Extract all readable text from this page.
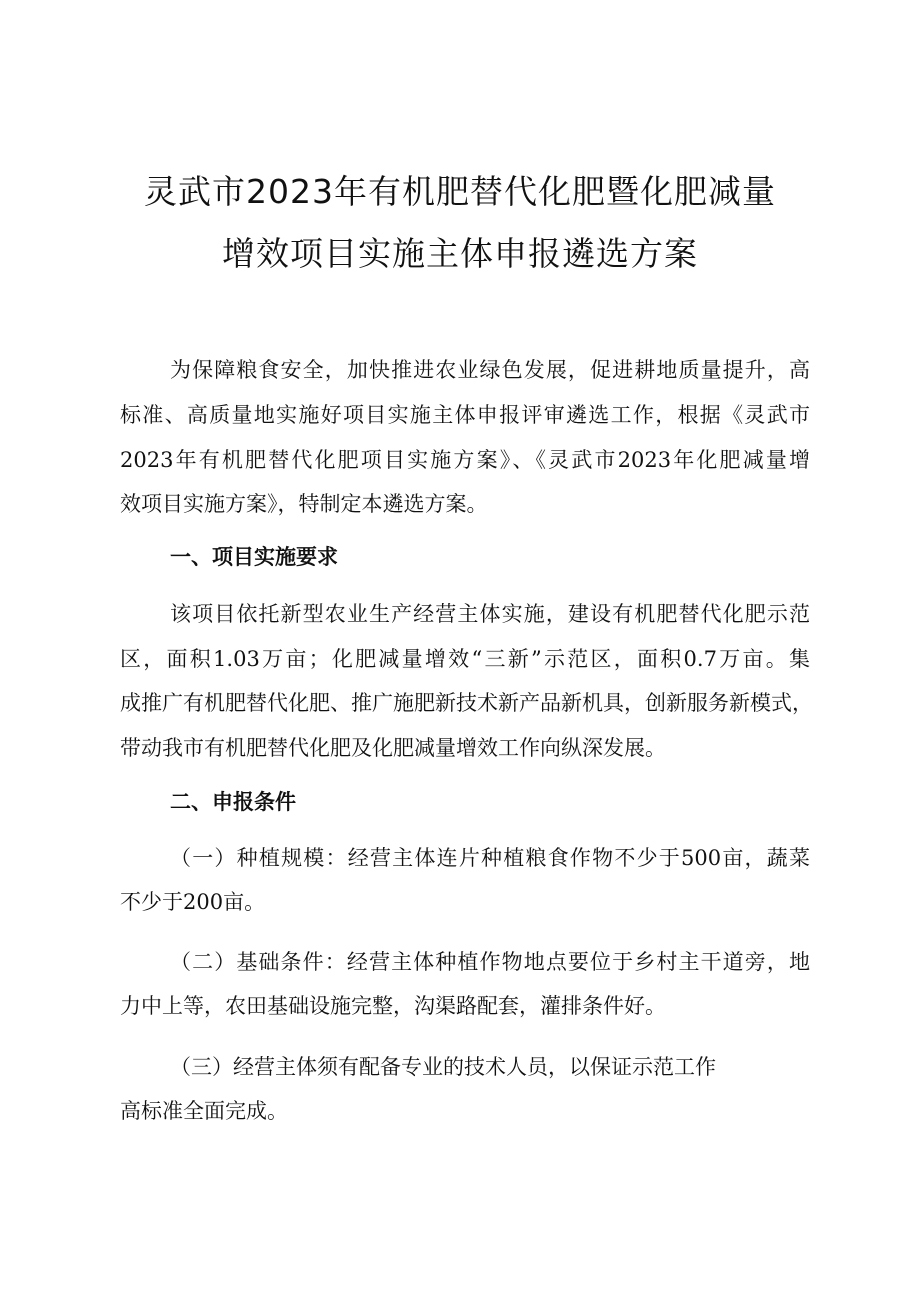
灵武市2023年有机肥替代化肥暨化肥减量
增效项目实施主体申报遴选方案

为保障粮食安全，加快推进农业绿色发展，促进耕地质量提升，高

标准、高质量地实施好项目实施主体申报评审遴选工作，根据《灵武市

2023年有机肥替代化肥项目实施方案》、《灵武市2023年化肥减量增

效项目实施方案》，特制定本遴选方案。

一、项目实施要求

该项目依托新型农业生产经营主体实施，建设有机肥替代化肥示范

区，面积1.03万亩；化肥减量增效“三新”示范区，面积0.7万亩。集

成推广有机肥替代化肥、推广施肥新技术新产品新机具，创新服务新模式，

带动我市有机肥替代化肥及化肥减量增效工作向纵深发展。

二、申报条件

（一）种植规模：经营主体连片种植粮食作物不少于500亩，蔬菜

不少于200亩。

（二）基础条件：经营主体种植作物地点要位于乡村主干道旁，地

力中上等，农田基础设施完整，沟渠路配套，灌排条件好。

（三）经营主体须有配备专业的技术人员，以保证示范工作

高标准全面完成。
